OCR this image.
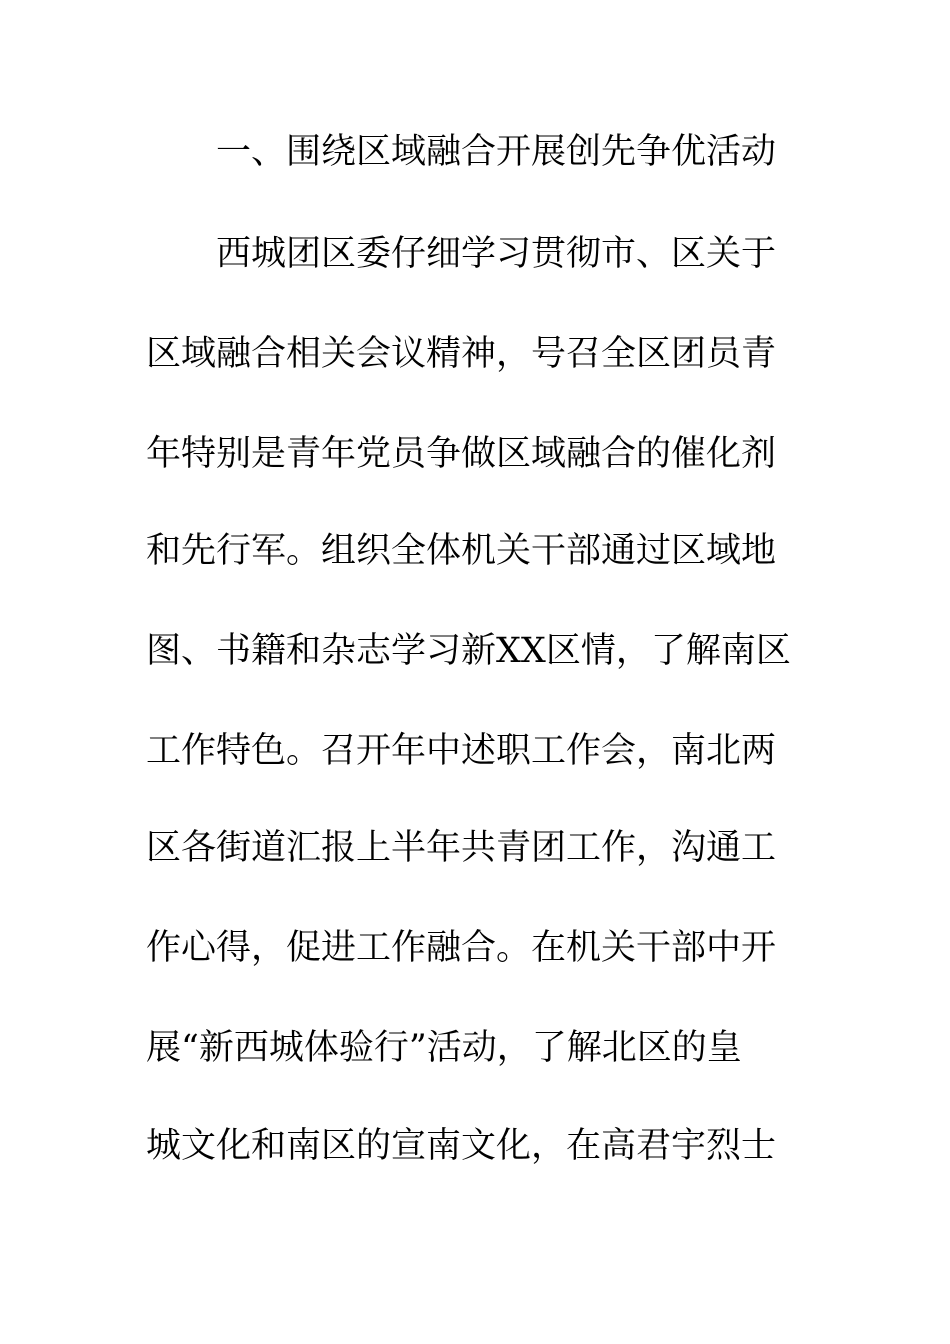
一、围绕区域融合开展创先争优活动
西城团区委仔细学习贯彻市、区关于
区域融合相关会议精神，号召全区团员青
年特别是青年党员争做区域融合的催化剂
和先行军。组织全体机关干部通过区域地
图、书籍和杂志学习新XX区情，了解南区
工作特色。召开年中述职工作会，南北两
区各街道汇报上半年共青团工作，沟通工
作心得，促进工作融合。在机关干部中开
展“新西城体验行”活动，了解北区的皇
城文化和南区的宣南文化，在高君宇烈士
